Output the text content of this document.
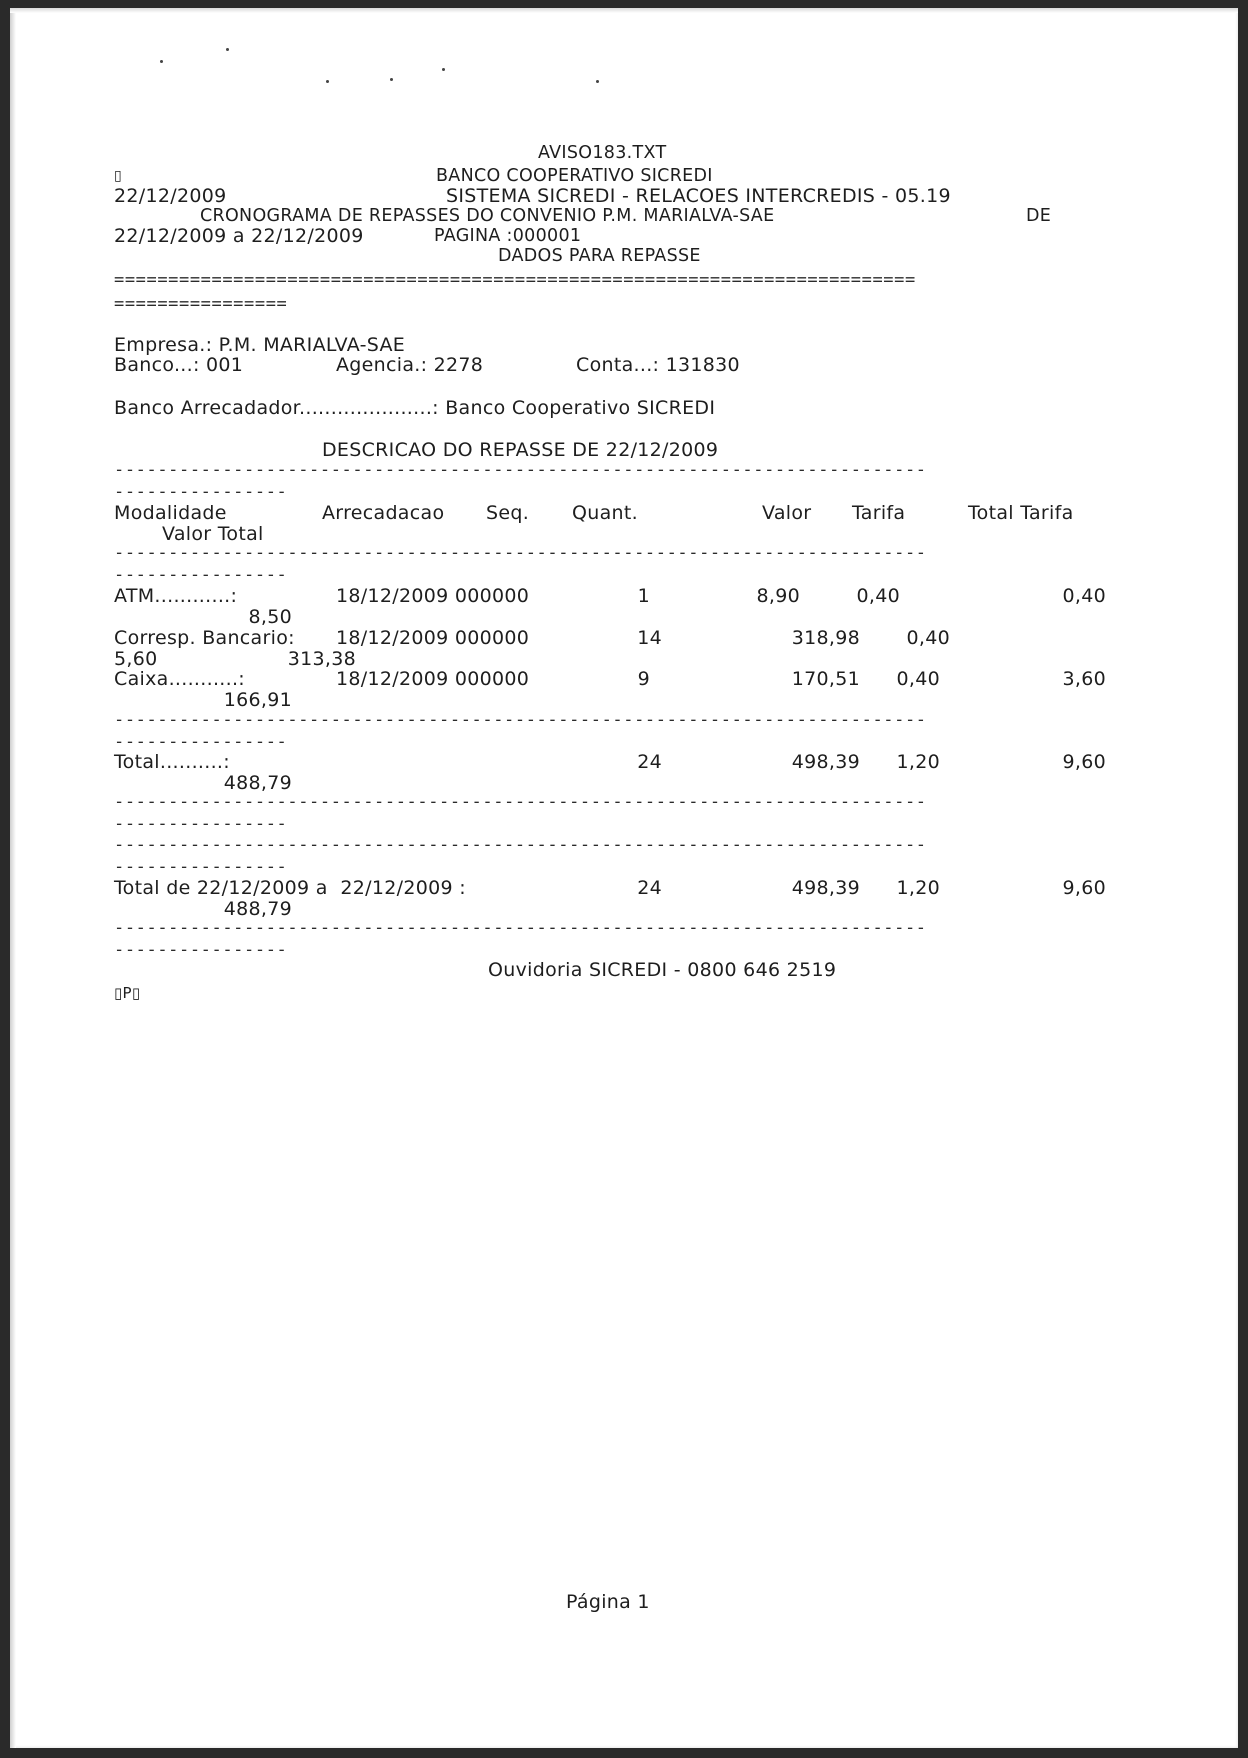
AVISO183.TXT
▯	BANCO COOPERATIVO SICREDI
22/12/2009	SISTEMA SICREDI - RELACOES INTERCREDIS - 05.19
CRONOGRAMA DE REPASSES DO CONVENIO P.M. MARIALVA-SAE	DE
22/12/2009 a 22/12/2009	PAGINA :000001
DADOS PARA REPASSE
==========================================================================
================
Empresa.: P.M. MARIALVA-SAE
Banco...: 001	Agencia.: 2278	Conta...: 131830
Banco Arrecadador.....................: Banco Cooperativo SICREDI
DESCRICAO DO REPASSE DE 22/12/2009
---------------------------------------------------------------------------
----------------
Modalidade	Arrecadacao Seq. Quant.	Valor Tarifa	Total Tarifa
Valor Total
---------------------------------------------------------------------------
----------------
ATM............:	18/12/2009 000000	1	8,90	0,40	0,40
8,50
Corresp. Bancario: 18/12/2009 000000	14	318,98	0,40
5,60	313,38
Caixa...........:	18/12/2009 000000	9	170,51	0,40	3,60
166,91
---------------------------------------------------------------------------
----------------
Total..........:	24	498,39	1,20	9,60
488,79
---------------------------------------------------------------------------
----------------
---------------------------------------------------------------------------
----------------
Total de 22/12/2009 a  22/12/2009 :	24	498,39	1,20	9,60
488,79
---------------------------------------------------------------------------
----------------
Ouvidoria SICREDI - 0800 646 2519
▯P▯
Página 1
